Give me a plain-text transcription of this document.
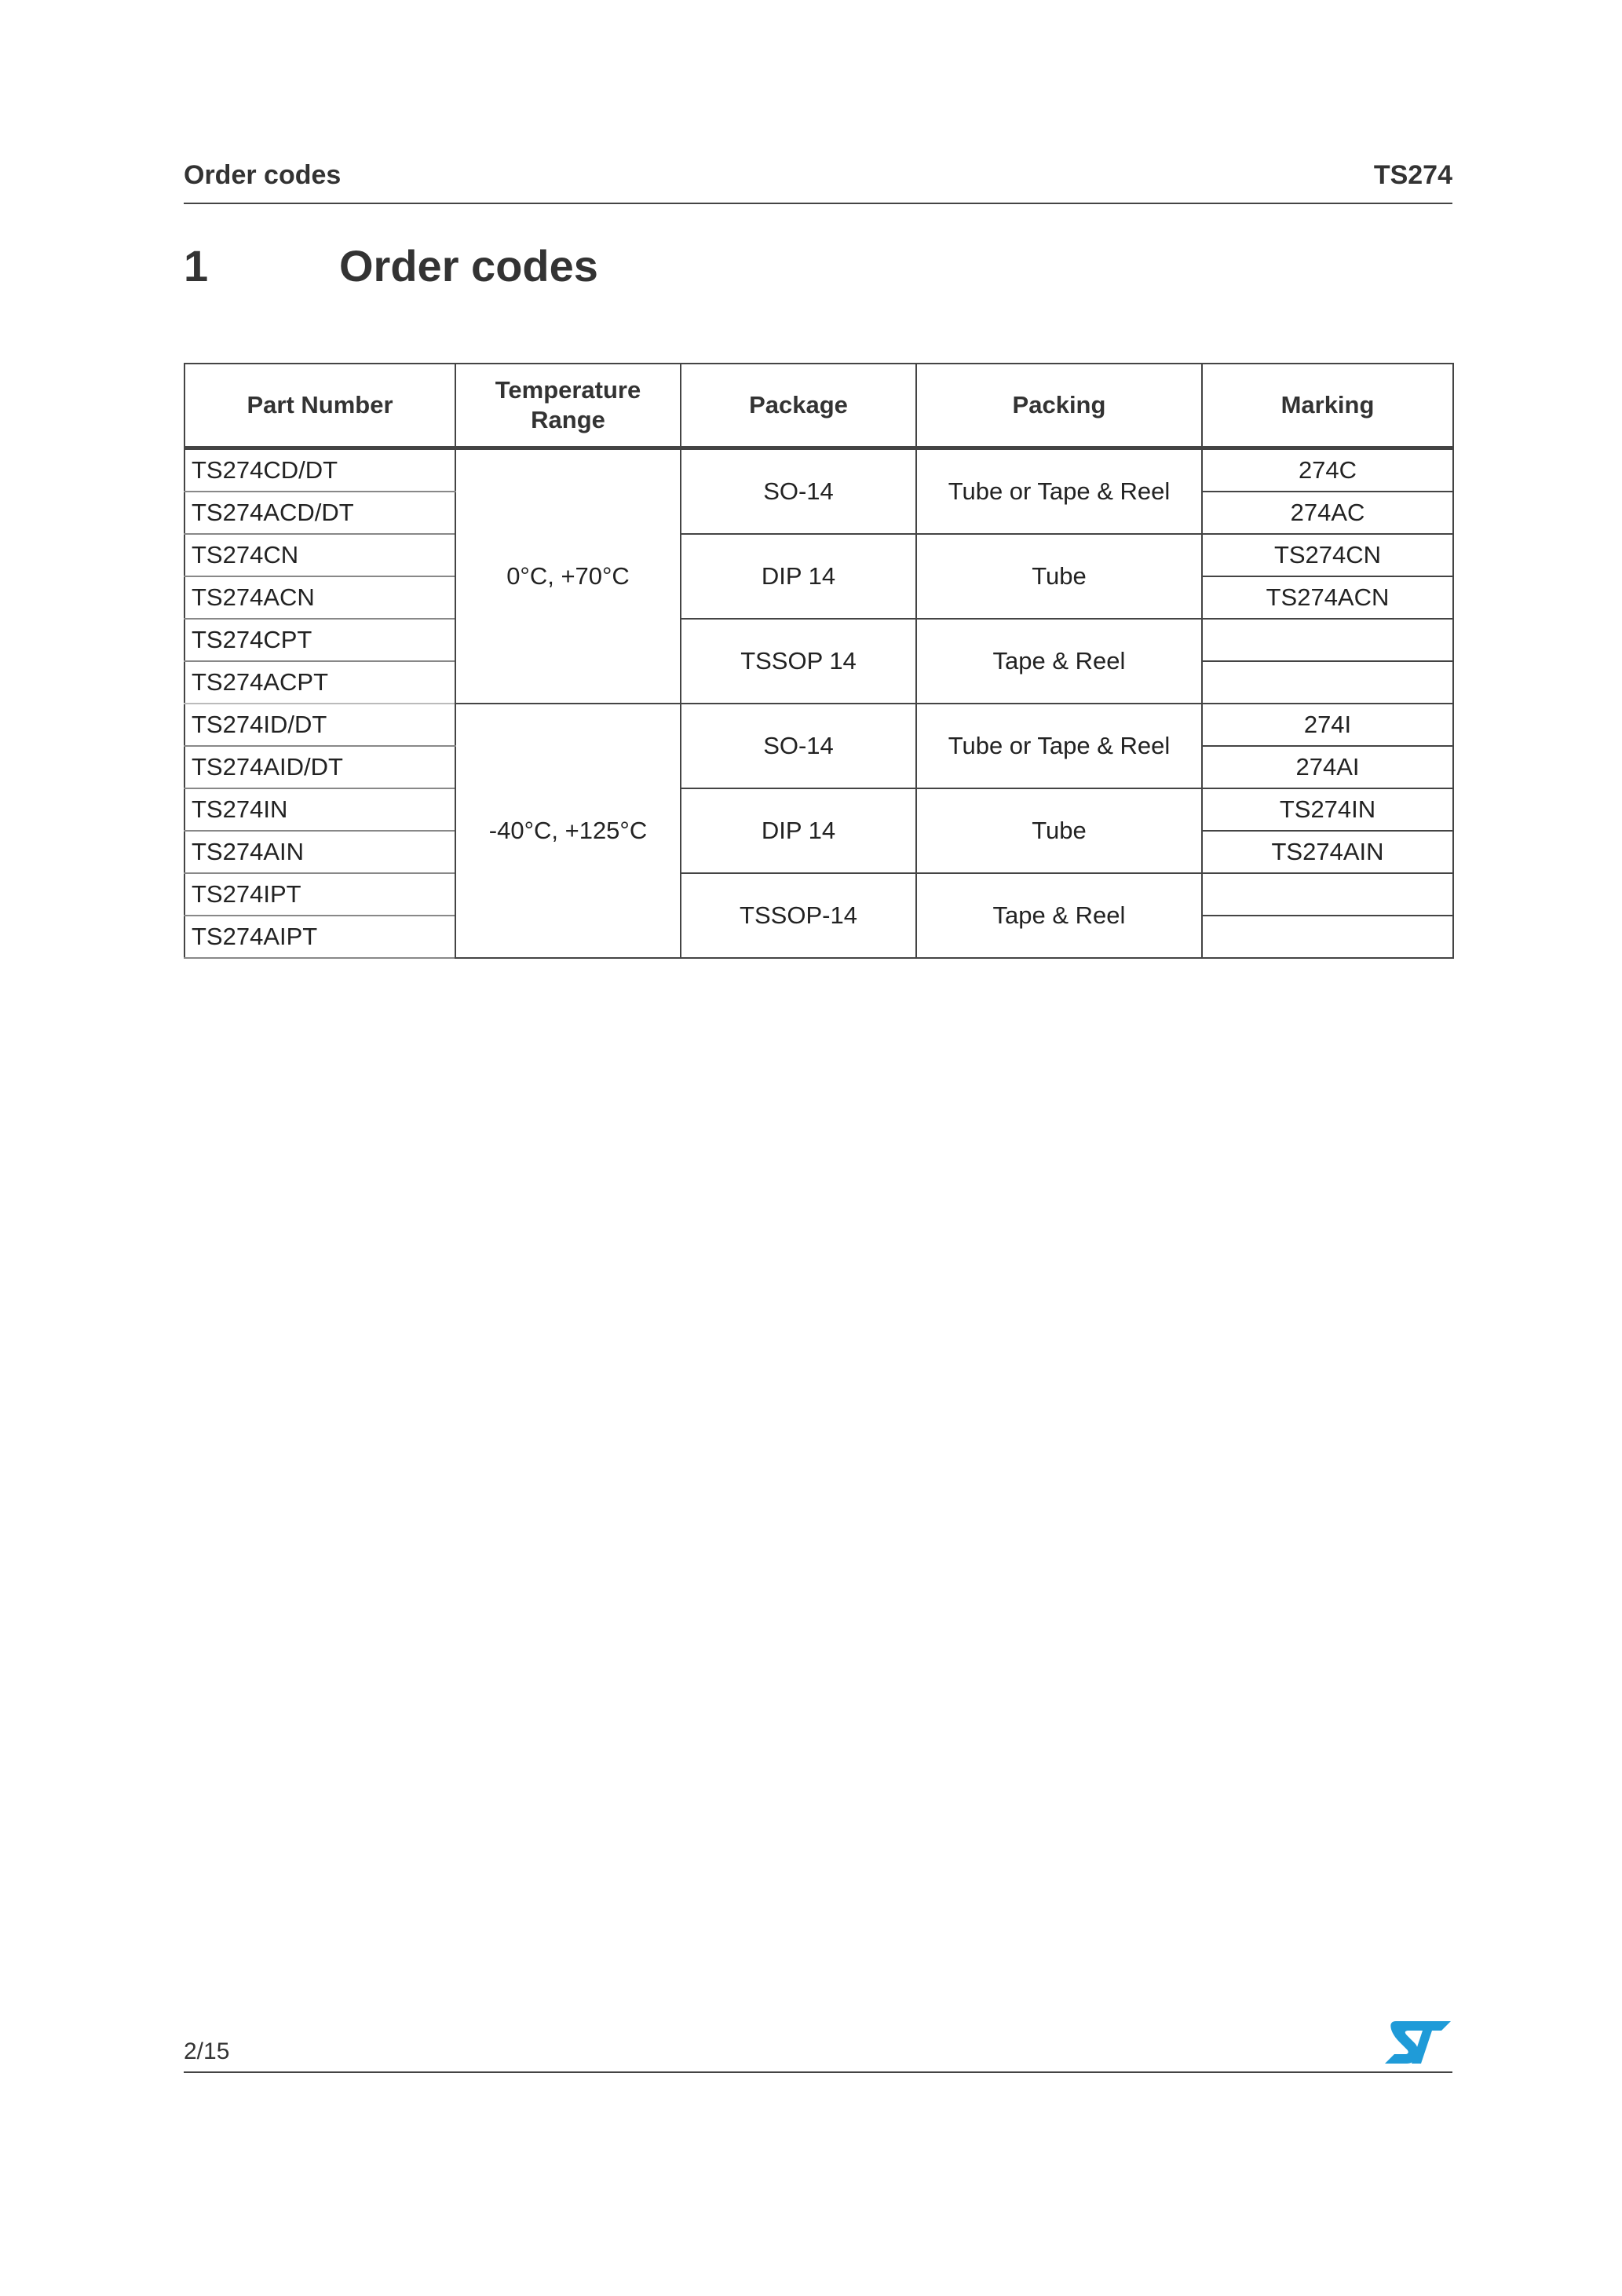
Order codes	TS274
1	Order codes
Part Number	Temperature Range	Package	Packing	Marking
TS274CD/DT	0°C, +70°C	SO-14	Tube or Tape & Reel	274C
TS274ACD/DT				274AC
TS274CN		DIP 14	Tube	TS274CN
TS274ACN				TS274ACN
TS274CPT		TSSOP 14	Tape & Reel	
TS274ACPT				
TS274ID/DT	-40°C, +125°C	SO-14	Tube or Tape & Reel	274I
TS274AID/DT				274AI
TS274IN		DIP 14	Tube	TS274IN
TS274AIN				TS274AIN
TS274IPT		TSSOP-14	Tape & Reel	
TS274AIPT				
2/15
